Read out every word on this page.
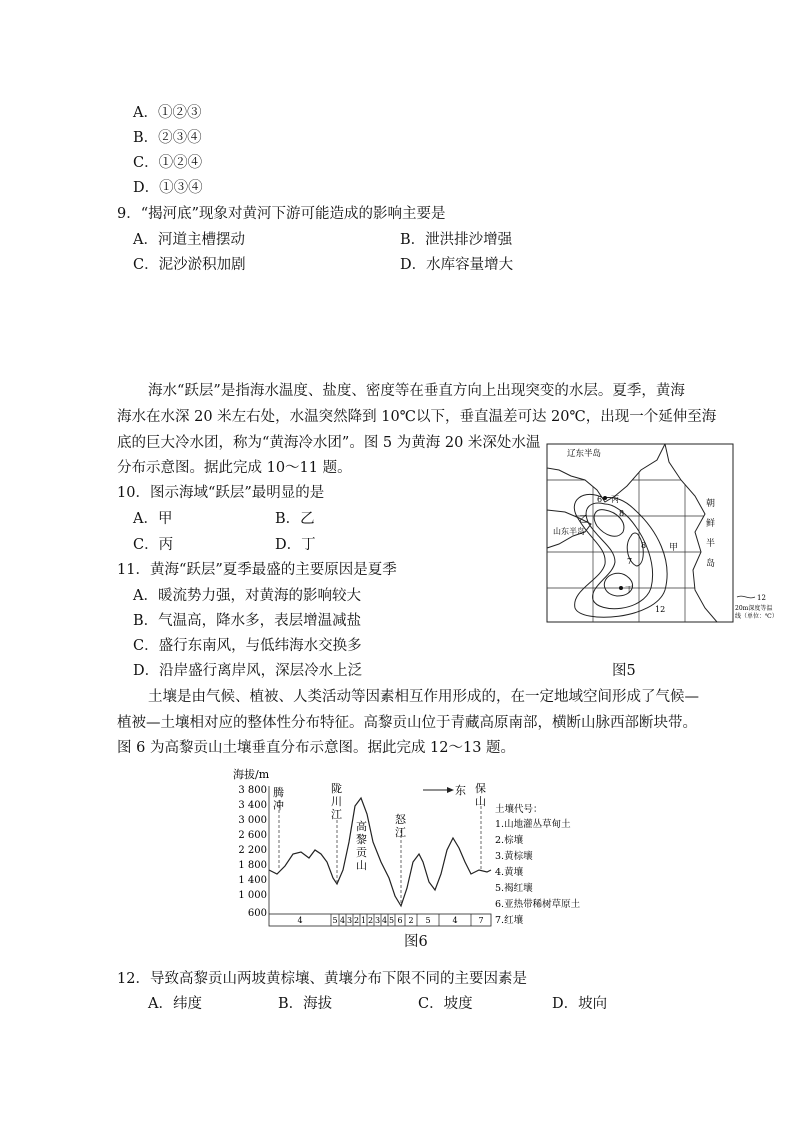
A．①②③
B．②③④
C．①②④
D．①③④
9．“揭河底”现象对黄河下游可能造成的影响主要是
A．河道主槽摆动	B．泄洪排沙增强
C．泥沙淤积加剧	D．水库容量增大
海水“跃层”是指海水温度、盐度、密度等在垂直方向上出现突变的水层。夏季，黄海
海水在水深 20 米左右处，水温突然降到 10℃以下，垂直温差可达 20℃，出现一个延伸至海
底的巨大冷水团，称为“黄海冷水团”。图 5 为黄海 20 米深处水温
分布示意图。据此完成 10～11 题。
10．图示海域“跃层”最明显的是
A．甲	B．乙
C．丙	D．丁
11．黄海“跃层”夏季最盛的主要原因是夏季
A．暖流势力强，对黄海的影响较大
B．气温高，降水多，表层增温减盐
C．盛行东南风，与低纬海水交换多
D．沿岸盛行离岸风，深层冷水上泛
辽东半岛
山东半岛
乙
甲
丙
丁
6
8
8
7
12
朝
鲜
半
岛
12
20m深度等温
线（单位：℃）
图5
土壤是由气候、植被、人类活动等因素相互作用形成的，在一定地域空间形成了气候—
植被—土壤相对应的整体性分布特征。高黎贡山位于青藏高原南部，横断山脉西部断块带。
图 6 为高黎贡山土壤垂直分布示意图。据此完成 12～13 题。
海拔/m
3 800
3 400
3 000
2 600
2 200
1 800
1 400
1 000
600
腾
冲
陇
川
江
高
黎
贡
山
怒
江
保
山
东
土壤代号：
1.山地灌丛草甸土
2.棕壤
3.黄棕壤
4.黄壤
5.褐红壤
6.亚热带稀树草原土
7.红壤
4	5 4 3 2 1 2 3 4 5 6 2 5	4	7
图6
12．导致高黎贡山两坡黄棕壤、黄壤分布下限不同的主要因素是
A．纬度	B．海拔	C．坡度	D．坡向
